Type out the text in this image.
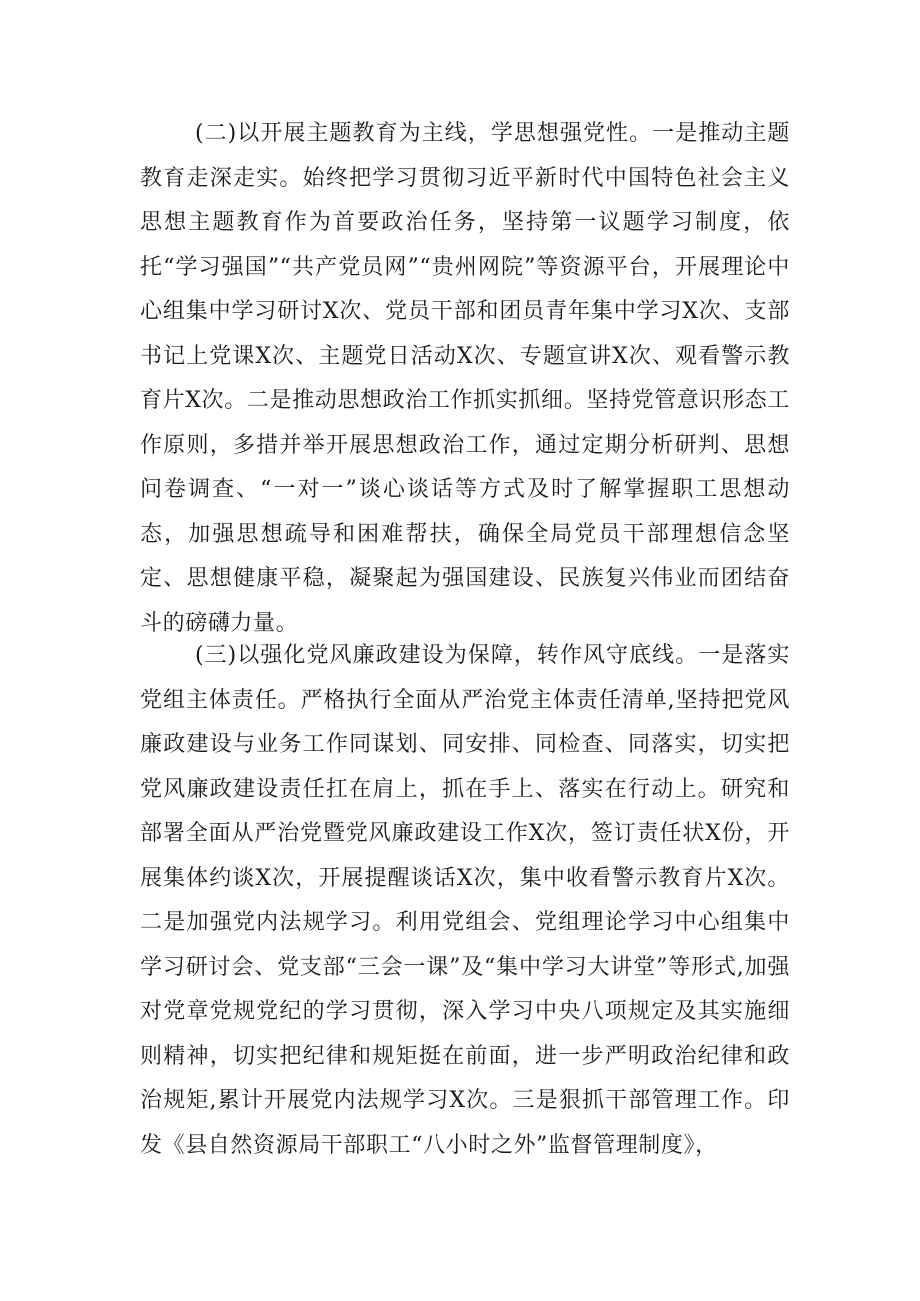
(二)以开展主题教育为主线，学思想强党性。一是推动主题教育走深走实。始终把学习贯彻习近平新时代中国特色社会主义思想主题教育作为首要政治任务，坚持第一议题学习制度，依托“学习强国”“共产党员网”“贵州网院”等资源平台，开展理论中心组集中学习研讨X次、党员干部和团员青年集中学习X次、支部书记上党课X次、主题党日活动X次、专题宣讲X次、观看警示教育片X次。二是推动思想政治工作抓实抓细。坚持党管意识形态工作原则，多措并举开展思想政治工作，通过定期分析研判、思想问卷调查、“一对一”谈心谈话等方式及时了解掌握职工思想动态，加强思想疏导和困难帮扶，确保全局党员干部理想信念坚定、思想健康平稳，凝聚起为强国建设、民族复兴伟业而团结奋斗的磅礴力量。

(三)以强化党风廉政建设为保障，转作风守底线。一是落实党组主体责任。严格执行全面从严治党主体责任清单,坚持把党风廉政建设与业务工作同谋划、同安排、同检查、同落实，切实把党风廉政建设责任扛在肩上，抓在手上、落实在行动上。研究和部署全面从严治党暨党风廉政建设工作X次，签订责任状X份，开展集体约谈X次，开展提醒谈话X次，集中收看警示教育片X次。二是加强党内法规学习。利用党组会、党组理论学习中心组集中学习研讨会、党支部“三会一课”及“集中学习大讲堂”等形式,加强对党章党规党纪的学习贯彻，深入学习中央八项规定及其实施细则精神，切实把纪律和规矩挺在前面，进一步严明政治纪律和政治规矩,累计开展党内法规学习X次。三是狠抓干部管理工作。印发《县自然资源局干部职工“八小时之外”监督管理制度》，
